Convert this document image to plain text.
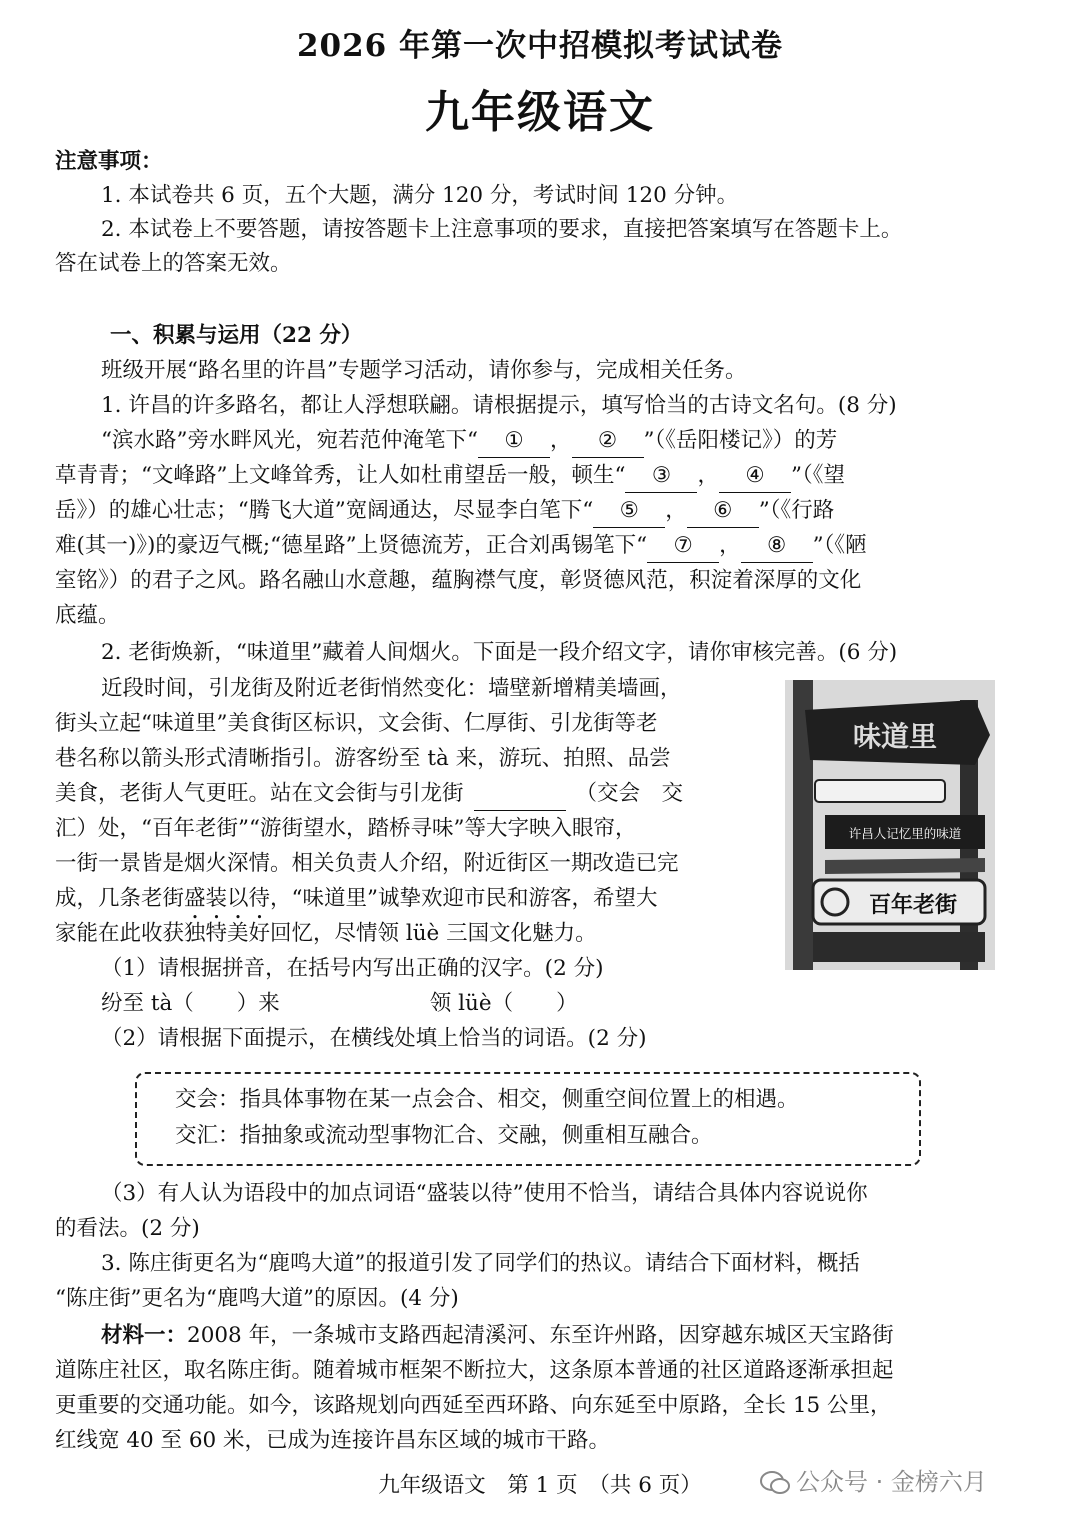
2026 年第一次中招模拟考试试卷
九年级语文
注意事项：
1. 本试卷共 6 页，五个大题，满分 120 分，考试时间 120 分钟。
2. 本试卷上不要答题，请按答题卡上注意事项的要求，直接把答案填写在答题卡上。
答在试卷上的答案无效。
一、积累与运用（22 分）
班级开展“路名里的许昌”专题学习活动，请你参与，完成相关任务。
1. 许昌的许多路名，都让人浮想联翩。请根据提示，填写恰当的古诗文名句。(8 分)
“滨水路”旁水畔风光，宛若范仲淹笔下“ ① ， ② ”（《岳阳楼记》）的芳
草青青；“文峰路”上文峰耸秀，让人如杜甫望岳一般，顿生“ ③ ， ④ ”（《望
岳》）的雄心壮志；“腾飞大道”宽阔通达，尽显李白笔下“ ⑤ ， ⑥ ”（《行路
难(其一)》)的豪迈气概;“德星路”上贤德流芳，正合刘禹锡笔下“ ⑦ ， ⑧ ”（《陋
室铭》）的君子之风。路名融山水意趣，蕴胸襟气度，彰贤德风范，积淀着深厚的文化
底蕴。
2. 老街焕新，“味道里”藏着人间烟火。下面是一段介绍文字，请你审核完善。(6 分)
近段时间，引龙街及附近老街悄然变化：墙壁新增精美墙画，
街头立起“味道里”美食街区标识，文会街、仁厚街、引龙街等老
巷名称以箭头形式清晰指引。游客纷至 tà 来，游玩、拍照、品尝
美食，老街人气更旺。站在文会街与引龙街	（交会　交
汇）处，“百年老街”“游街望水，踏桥寻味”等大字映入眼帘，
一街一景皆是烟火深情。相关负责人介绍，附近街区一期改造已完
成，几条老街盛装以待，“味道里”诚挚欢迎市民和游客，希望大
家能在此收获独特美好回忆，尽情领 lüè 三国文化魅力。
味道里
许昌人记忆里的味道
百年老街
（1）请根据拼音，在括号内写出正确的汉字。(2 分)
纷至 tà（　　）来	领 lüè（　　）
（2）请根据下面提示，在横线处填上恰当的词语。(2 分)
交会：指具体事物在某一点会合、相交，侧重空间位置上的相遇。
交汇：指抽象或流动型事物汇合、交融，侧重相互融合。
（3）有人认为语段中的加点词语“盛装以待”使用不恰当，请结合具体内容说说你
的看法。(2 分)
3. 陈庄街更名为“鹿鸣大道”的报道引发了同学们的热议。请结合下面材料，概括
“陈庄街”更名为“鹿鸣大道”的原因。(4 分)
材料一：2008 年，一条城市支路西起清溪河、东至许州路，因穿越东城区天宝路街
道陈庄社区，取名陈庄街。随着城市框架不断拉大，这条原本普通的社区道路逐渐承担起
更重要的交通功能。如今，该路规划向西延至西环路、向东延至中原路，全长 15 公里，
红线宽 40 至 60 米，已成为连接许昌东区域的城市干路。
九年级语文　第 1 页　（共 6 页）	公众号 · 金榜六月
